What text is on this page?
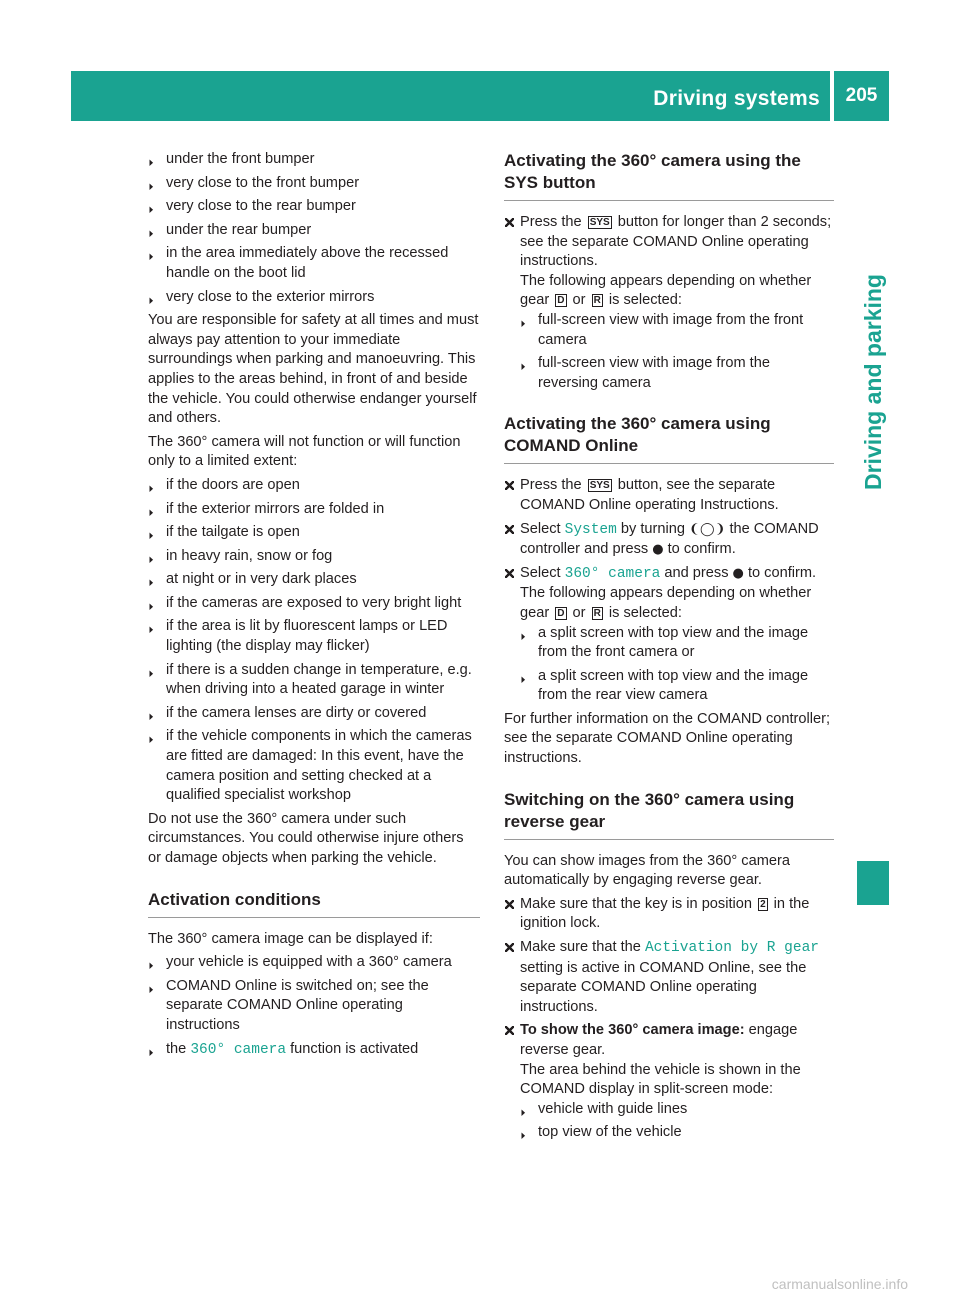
Driving systems	205
Driving and parking
▶ under the front bumper
▶ very close to the front bumper
▶ very close to the rear bumper
▶ under the rear bumper
▶ in the area immediately above the recessed handle on the boot lid
▶ very close to the exterior mirrors

You are responsible for safety at all times and must always pay attention to your immediate surroundings when parking and manoeuvring. This applies to the areas behind, in front of and beside the vehicle. You could otherwise endanger yourself and others.

The 360° camera will not function or will function only to a limited extent:

▶ if the doors are open
▶ if the exterior mirrors are folded in
▶ if the tailgate is open
▶ in heavy rain, snow or fog
▶ at night or in very dark places
▶ if the cameras are exposed to very bright light
▶ if the area is lit by fluorescent lamps or LED lighting (the display may flicker)
▶ if there is a sudden change in temperature, e.g. when driving into a heated garage in winter
▶ if the camera lenses are dirty or covered
▶ if the vehicle components in which the cameras are fitted are damaged: In this event, have the camera position and setting checked at a qualified specialist workshop

Do not use the 360° camera under such circumstances. You could otherwise injure others or damage objects when parking the vehicle.

Activation conditions

The 360° camera image can be displayed if:

▶ your vehicle is equipped with a 360° camera
▶ COMAND Online is switched on; see the separate COMAND Online operating instructions
▶ the 360° camera function is activated
Activating the 360° camera using the SYS button
Press the SYS button for longer than 2 seconds; see the separate COMAND Online operating instructions.
The following appears depending on whether gear D or R is selected:
▶ full-screen view with image from the front camera
▶ full-screen view with image from the reversing camera
Activating the 360° camera using COMAND Online
Press the SYS button, see the separate COMAND Online operating Instructions.
Select System by turning ❨◯❩ the COMAND controller and press ● to confirm.
Select 360° camera and press ● to confirm.
The following appears depending on whether gear D or R is selected:
▶ a split screen with top view and the image from the front camera or
▶ a split screen with top view and the image from the rear view camera

For further information on the COMAND controller; see the separate COMAND Online operating instructions.

Switching on the 360° camera using reverse gear

You can show images from the 360° camera automatically by engaging reverse gear.

Make sure that the key is in position 2 in the ignition lock.
Make sure that the Activation by R gear setting is active in COMAND Online, see the separate COMAND Online operating instructions.
To show the 360° camera image: engage reverse gear.
The area behind the vehicle is shown in the COMAND display in split-screen mode:
▶ vehicle with guide lines
▶ top view of the vehicle
carmanualsonline.info
